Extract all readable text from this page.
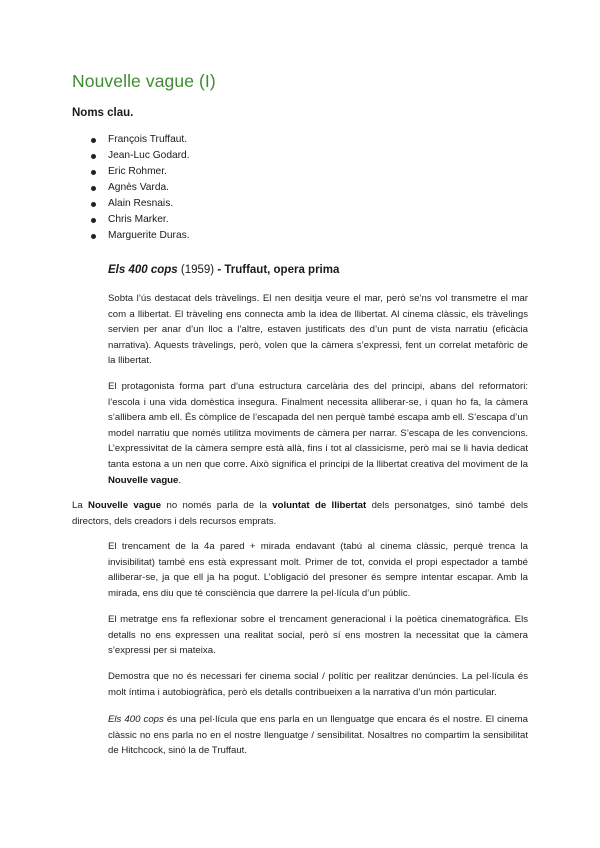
Nouvelle vague (I)

Noms clau.

François Truffaut.
Jean-Luc Godard.
Eric Rohmer.
Agnès Varda.
Alain Resnais.
Chris Marker.
Marguerite Duras.
Els 400 cops (1959) - Truffaut, opera prima

Sobta l’ús destacat dels tràvelings. El nen desitja veure el mar, però se’ns vol transmetre el mar com a llibertat. El tràveling ens connecta amb la idea de llibertat. Al cinema clàssic, els tràvelings servien per anar d’un lloc a l’altre, estaven justificats des d’un punt de vista narratiu (eficàcia narrativa). Aquests tràvelings, però, volen que la càmera s’expressi, fent un correlat metafòric de la llibertat.

El protagonista forma part d’una estructura carcelària des del principi, abans del reformatori: l’escola i una vida domèstica insegura. Finalment necessita alliberar-se, i quan ho fa, la càmera s’allibera amb ell. És còmplice de l’escapada del nen perquè també escapa amb ell. S’escapa d’un model narratiu que només utilitza moviments de càmera per narrar. S’escapa de les convencions. L’expressivitat de la càmera sempre està allà, fins i tot al classicisme, però mai se li havia dedicat tanta estona a un nen que corre. Això significa el principi de la llibertat creativa del moviment de la Nouvelle vague.

La Nouvelle vague no només parla de la voluntat de llibertat dels personatges, sinó també dels directors, dels creadors i dels recursos emprats.

El trencament de la 4a pared + mirada endavant (tabú al cinema clàssic, perquè trenca la invisibilitat) també ens està expressant molt. Primer de tot, convida el propi espectador a també alliberar-se, ja que ell ja ha pogut. L’obligació del presoner és sempre intentar escapar. Amb la mirada, ens diu que té consciència que darrere la pel·lícula d’un públic.

El metratge ens fa reflexionar sobre el trencament generacional i la poètica cinematogràfica. Els detalls no ens expressen una realitat social, però sí ens mostren la necessitat que la càmera s’expressi per si mateixa.

Demostra que no és necessari fer cinema social / polític per realitzar denúncies. La pel·lícula és molt íntima i autobiogràfica, però els detalls contribueixen a la narrativa d’un món particular.

Els 400 cops és una pel·lícula que ens parla en un llenguatge que encara és el nostre. El cinema clàssic no ens parla no en el nostre llenguatge / sensibilitat. Nosaltres no compartim la sensibilitat de Hitchcock, sinó la de Truffaut.
